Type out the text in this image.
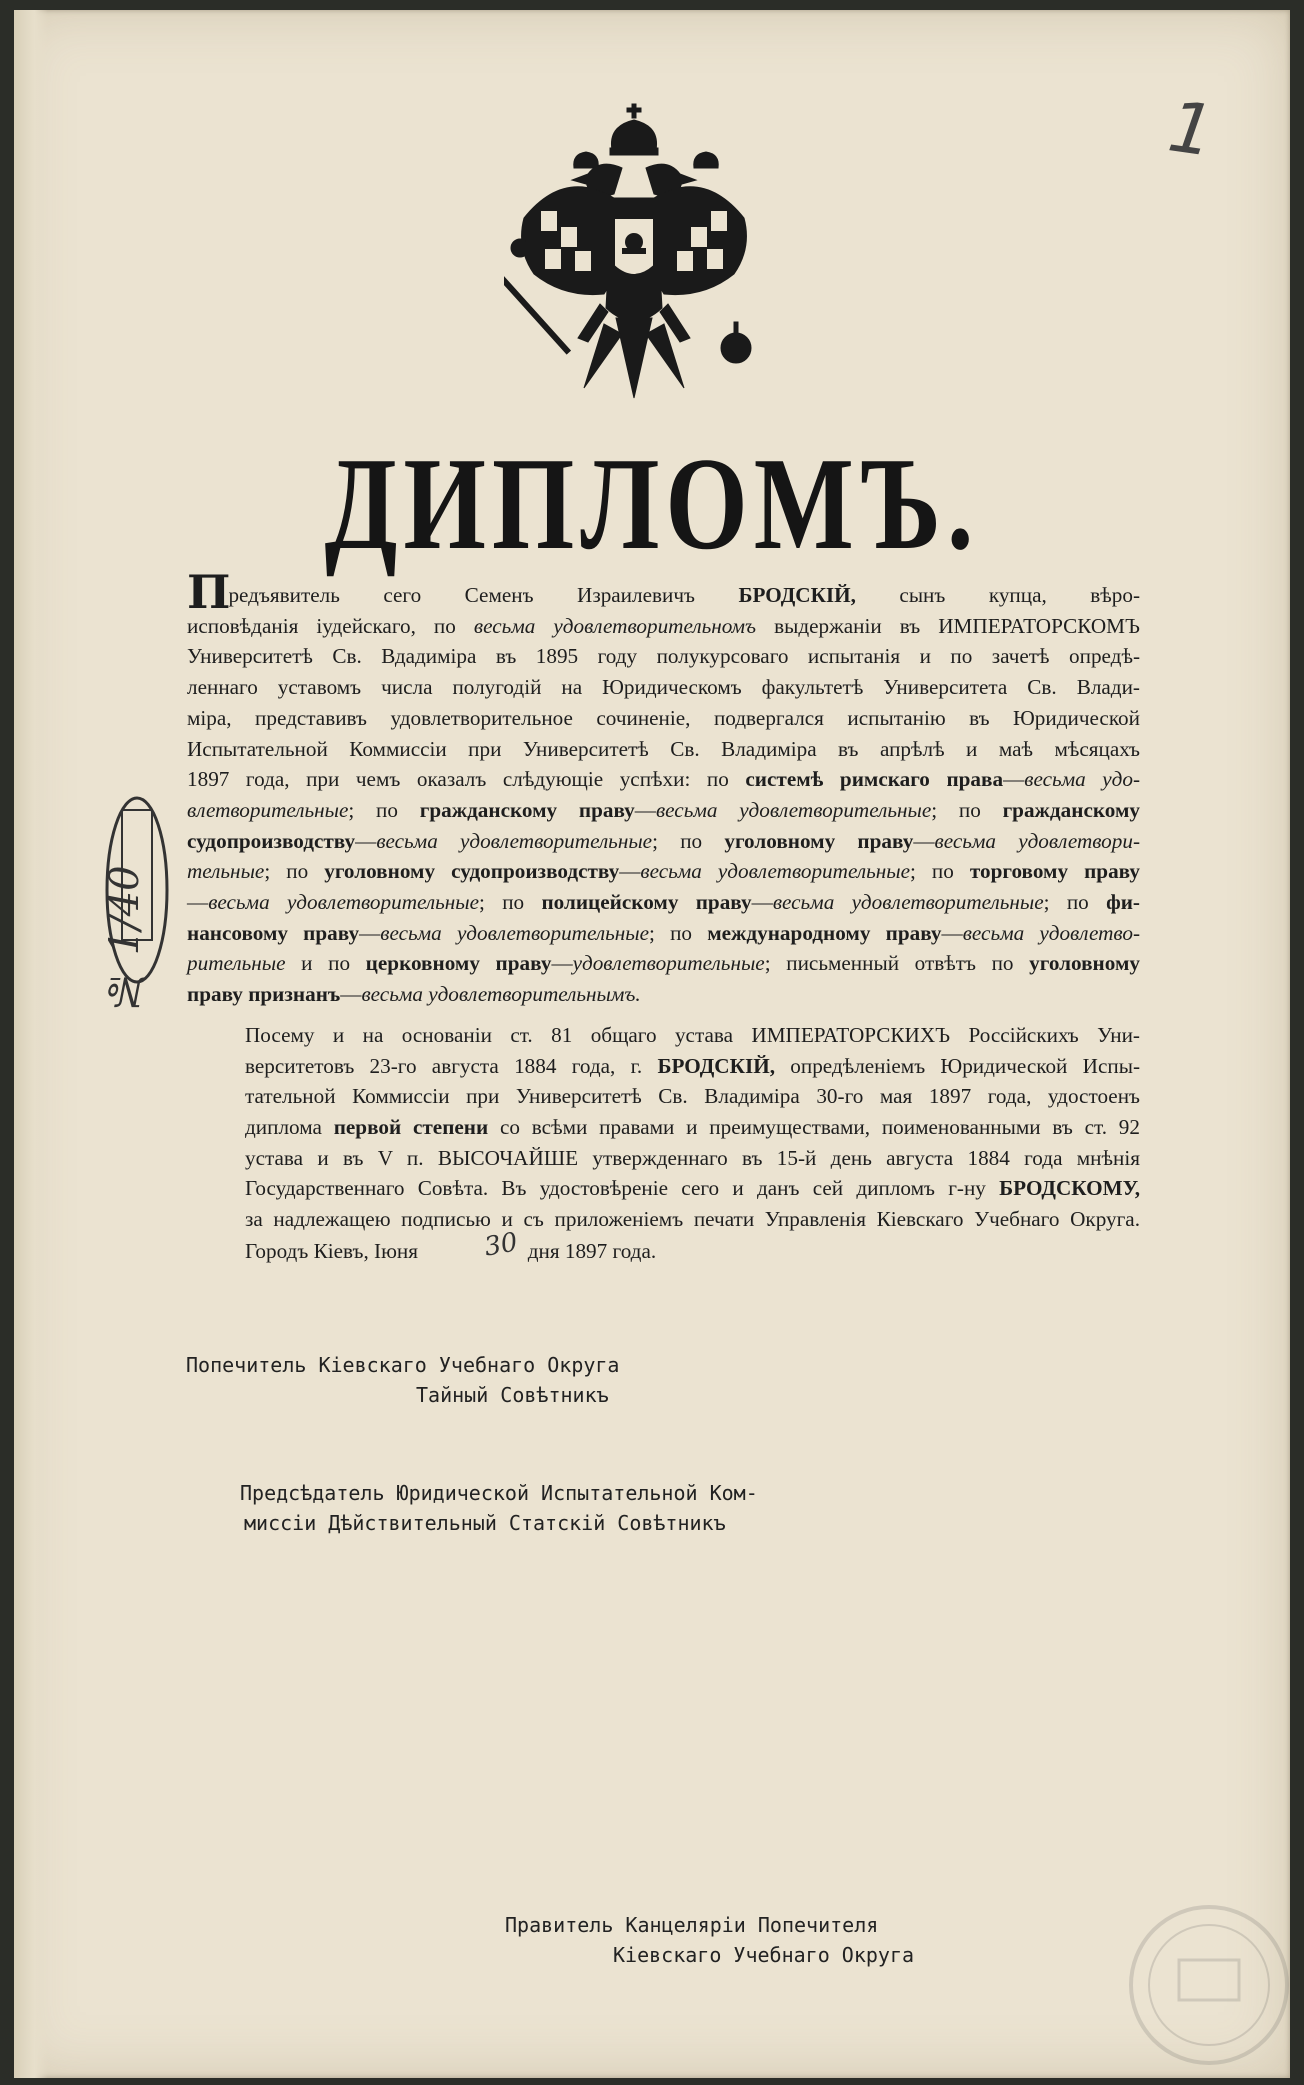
1
ДИПЛОМЪ.
№ 1/40
Предъявитель сего Семенъ Израилевичъ БРОДСКІЙ, сынъ купца, вѣро-
исповѣданія іудейскаго, по весьма удовлетворительномъ выдержаніи въ ИМПЕРАТОРСКОМЪ
Университетѣ Св. Вдадиміра въ 1895 году полукурсоваго испытанія и по зачетѣ опредѣ-
леннаго уставомъ числа полугодій на Юридическомъ факультетѣ Университета Св. Влади-
міра, представивъ удовлетворительное сочиненіе, подвергался испытанію въ Юридической
Испытательной Коммиссіи при Университетѣ Св. Владиміра въ апрѣлѣ и маѣ мѣсяцахъ
1897 года, при чемъ оказалъ слѣдующіе успѣхи: по системѣ римскаго права—весьма удо-
влетворительные; по гражданскому праву—весьма удовлетворительные; по гражданскому
судопроизводству—весьма удовлетворительные; по уголовному праву—весьма удовлетвори-
тельные; по уголовному судопроизводству—весьма удовлетворительные; по торговому праву
—весьма удовлетворительные; по полицейскому праву—весьма удовлетворительные; по фи-
нансовому праву—весьма удовлетворительные; по международному праву—весьма удовлетво-
рительные и по церковному праву—удовлетворительные; письменный отвѣтъ по уголовному
праву признанъ—весьма удовлетворительнымъ.
Посему и на основаніи ст. 81 общаго устава ИМПЕРАТОРСКИХЪ Россійскихъ Уни-
верситетовъ 23-го августа 1884 года, г. БРОДСКІЙ, опредѣленіемъ Юридической Испы-
тательной Коммиссіи при Университетѣ Св. Владиміра 30-го мая 1897 года, удостоенъ
диплома первой степени со всѣми правами и преимуществами, поименованными въ ст. 92
устава и въ V п. ВЫСОЧАЙШЕ утвержденнаго въ 15-й день августа 1884 года мнѣнія
Государственнаго Совѣта. Въ удостовѣреніе сего и данъ сей дипломъ г-ну БРОДСКОМУ,
за надлежащею подписью и съ приложеніемъ печати Управленія Кіевскаго Учебнаго Округа.
Городъ Кіевъ, Іюня 30 дня 1897 года.
Попечитель Кіевскаго Учебнаго Округа
Тайный Совѣтникъ
Предсѣдатель Юридической Испытательной Ком-
миссіи Дѣйствительный Статскій Совѣтникъ
Правитель Канцеляріи Попечителя
Кіевскаго Учебнаго Округа
